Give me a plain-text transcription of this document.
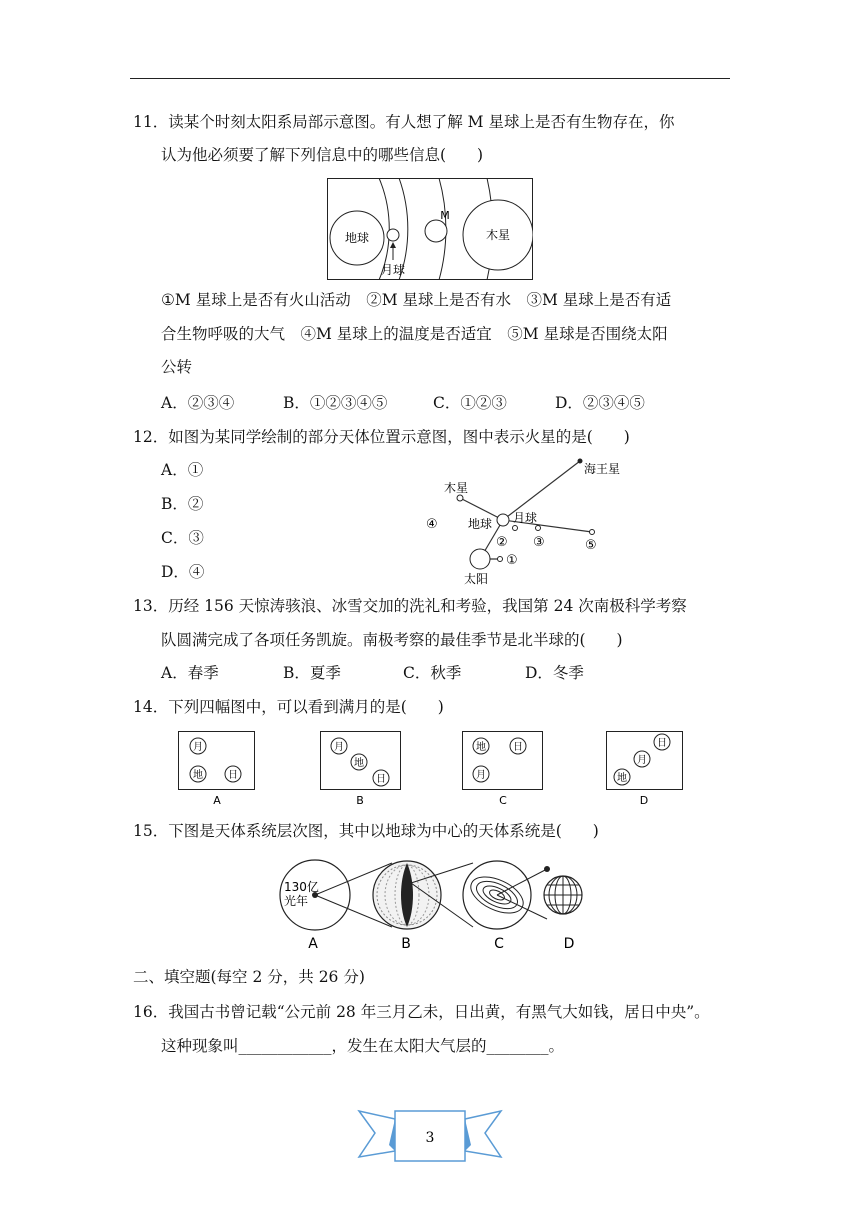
11．读某个时刻太阳系局部示意图。有人想了解 M 星球上是否有生物存在，你
认为他必须要了解下列信息中的哪些信息(　　)
地球
月球
M
木星
①M 星球上是否有火山活动　②M 星球上是否有水　③M 星球上是否有适
合生物呼吸的大气　④M 星球上的温度是否适宜　⑤M 星球是否围绕太阳
公转
A．②③④	B．①②③④⑤	C．①②③	D．②③④⑤
12．如图为某同学绘制的部分天体位置示意图，图中表示火星的是(　　)
A．①
B．②
C．③
D．④
海王星
木星
地球 月球
太阳
①
② ③
④
⑤
13．历经 156 天惊涛骇浪、冰雪交加的洗礼和考验，我国第 24 次南极科学考察
队圆满完成了各项任务凯旋。南极考察的最佳季节是北半球的(　　)
A．春季	B．夏季	C．秋季	D．冬季
14．下列四幅图中，可以看到满月的是(　　)
月
地	日
A
月
地
日
B
地	日
月
C
日
月
地
D
15．下图是天体系统层次图，其中以地球为中心的天体系统是(　　)
130亿
光年
A	B	C	D
二、填空题(每空 2 分，共 26 分)
16．我国古书曾记载“公元前 28 年三月乙未，日出黄，有黑气大如钱，居日中央”。
这种现象叫____________，发生在太阳大气层的________。
3
